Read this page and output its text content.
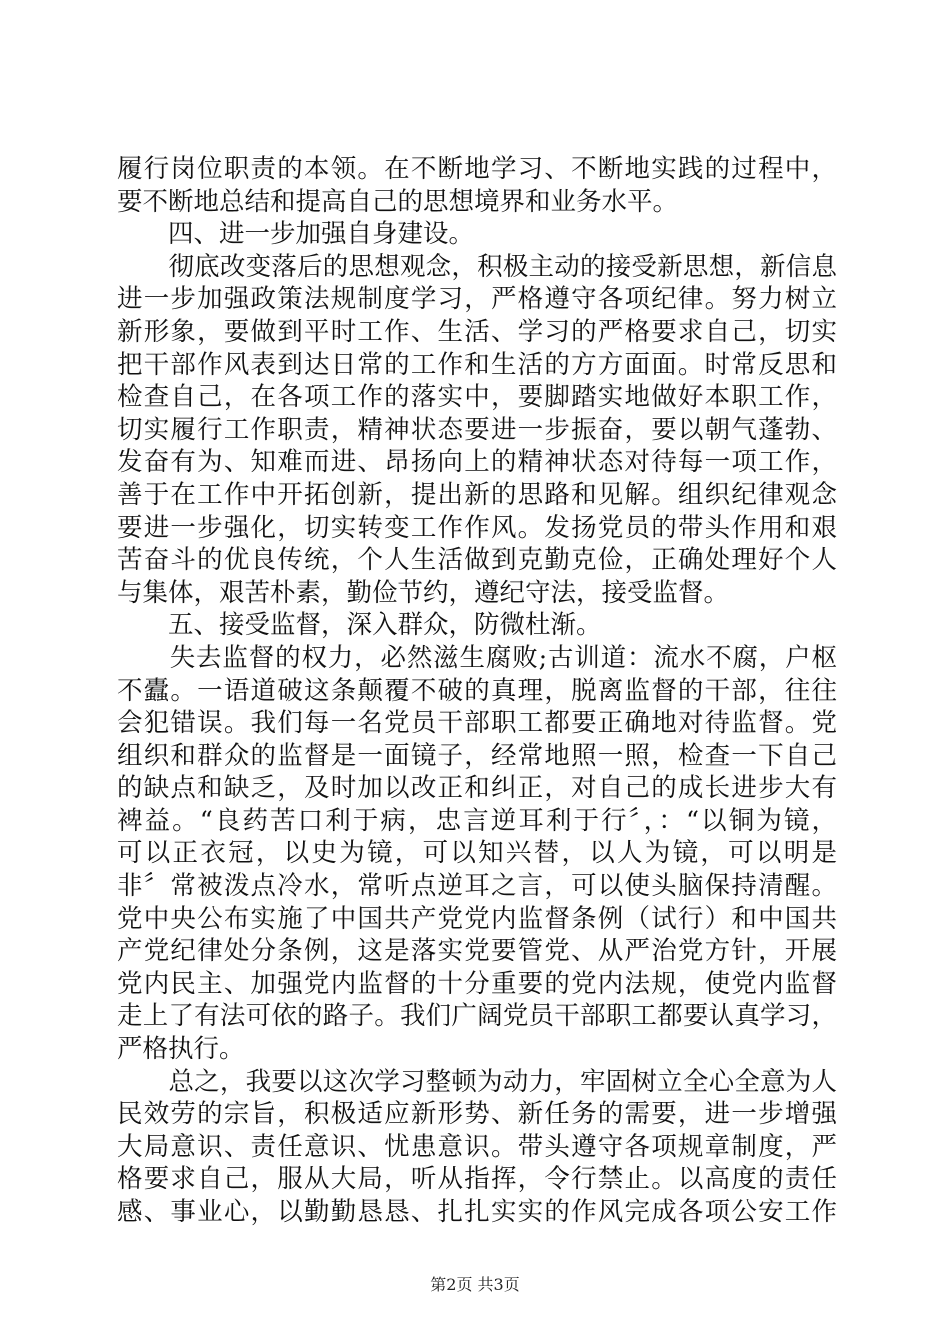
履行岗位职责的本领。在不断地学习、不断地实践的过程中，
要不断地总结和提高自己的思想境界和业务水平。
　　四、进一步加强自身建设。
　　彻底改变落后的思想观念，积极主动的接受新思想，新信息
进一步加强政策法规制度学习，严格遵守各项纪律。努力树立
新形象，要做到平时工作、生活、学习的严格要求自己，切实
把干部作风表到达日常的工作和生活的方方面面。时常反思和
检查自己，在各项工作的落实中，要脚踏实地做好本职工作，
切实履行工作职责，精神状态要进一步振奋，要以朝气蓬勃、
发奋有为、知难而进、昂扬向上的精神状态对待每一项工作，
善于在工作中开拓创新，提出新的思路和见解。组织纪律观念
要进一步强化，切实转变工作作风。发扬党员的带头作用和艰
苦奋斗的优良传统，个人生活做到克勤克俭，正确处理好个人
与集体，艰苦朴素，勤俭节约，遵纪守法，接受监督。
　　五、接受监督，深入群众，防微杜渐。
　　失去监督的权力，必然滋生腐败;古训道：流水不腐，户枢
不蠹。一语道破这条颠覆不破的真理，脱离监督的干部，往往
会犯错误。我们每一名党员干部职工都要正确地对待监督。党
组织和群众的监督是一面镜子，经常地照一照，检查一下自己
的缺点和缺乏，及时加以改正和纠正，对自己的成长进步大有
裨益。“良药苦口利于病，忠言逆耳利于行〞，：“以铜为镜，
可以正衣冠，以史为镜，可以知兴替，以人为镜，可以明是
非〞常被泼点冷水，常听点逆耳之言，可以使头脑保持清醒。
党中央公布实施了中国共产党党内监督条例（试行）和中国共
产党纪律处分条例，这是落实党要管党、从严治党方针，开展
党内民主、加强党内监督的十分重要的党内法规，使党内监督
走上了有法可依的路子。我们广阔党员干部职工都要认真学习，
严格执行。
　　总之，我要以这次学习整顿为动力，牢固树立全心全意为人
民效劳的宗旨，积极适应新形势、新任务的需要，进一步增强
大局意识、责任意识、忧患意识。带头遵守各项规章制度，严
格要求自己，服从大局，听从指挥，令行禁止。以高度的责任
感、事业心，以勤勤恳恳、扎扎实实的作风完成各项公安工作
第2页 共3页
